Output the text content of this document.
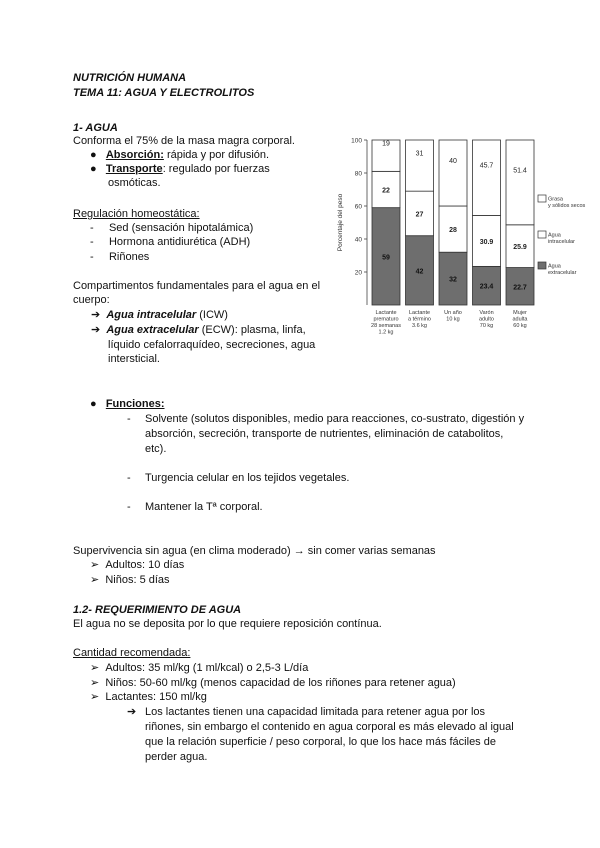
NUTRICIÓN HUMANA
TEMA 11: AGUA Y ELECTROLITOS
1- AGUA
Conforma el 75% de la masa magra corporal.
● Absorción: rápida y por difusión.
● Transporte: regulado por fuerzas
osmóticas.
Regulación homeostática:
-     Sed (sensación hipotalámica)
-     Hormona antidiurética (ADH)
-     Riñones
Compartimentos fundamentales para el agua en el
cuerpo:
➔ Agua intracelular (ICW)
➔ Agua extracelular (ECW): plasma, linfa,
líquido cefalorraquídeo, secreciones, agua
intersticial.
20
40
60
80
100
Porcentaje del peso
59
22
19
Lactante
prematuro
28 semanas
1.2 kg
42
27
31
Lactante
a término
3.6 kg
32
28
40
Un año
10 kg
23.4
30.9
45.7
Varón
adulto
70 kg
22.7
25.9
51.4
Mujer
adulta
60 kg
Grasa
y sólidos secos
Agua
intracelular
Agua
extracelular
● Funciones:
- Solvente (solutos disponibles, medio para reacciones, co-sustrato, digestión y
absorción, secreción, transporte de nutrientes, eliminación de catabolitos,
etc).
- Turgencia celular en los tejidos vegetales.
- Mantener la Tª corporal.
Supervivencia sin agua (en clima moderado) → sin comer varias semanas
➢ Adultos: 10 días
➢ Niños: 5 días
1.2- REQUERIMIENTO DE AGUA
El agua no se deposita por lo que requiere reposición contínua.
Cantidad recomendada:
➢ Adultos: 35 ml/kg (1 ml/kcal) o 2,5-3 L/día
➢ Niños: 50-60 ml/kg (menos capacidad de los riñones para retener agua)
➢ Lactantes: 150 ml/kg
➔ Los lactantes tienen una capacidad limitada para retener agua por los
riñones, sin embargo el contenido en agua corporal es más elevado al igual
que la relación superficie / peso corporal, lo que los hace más fáciles de
perder agua.
